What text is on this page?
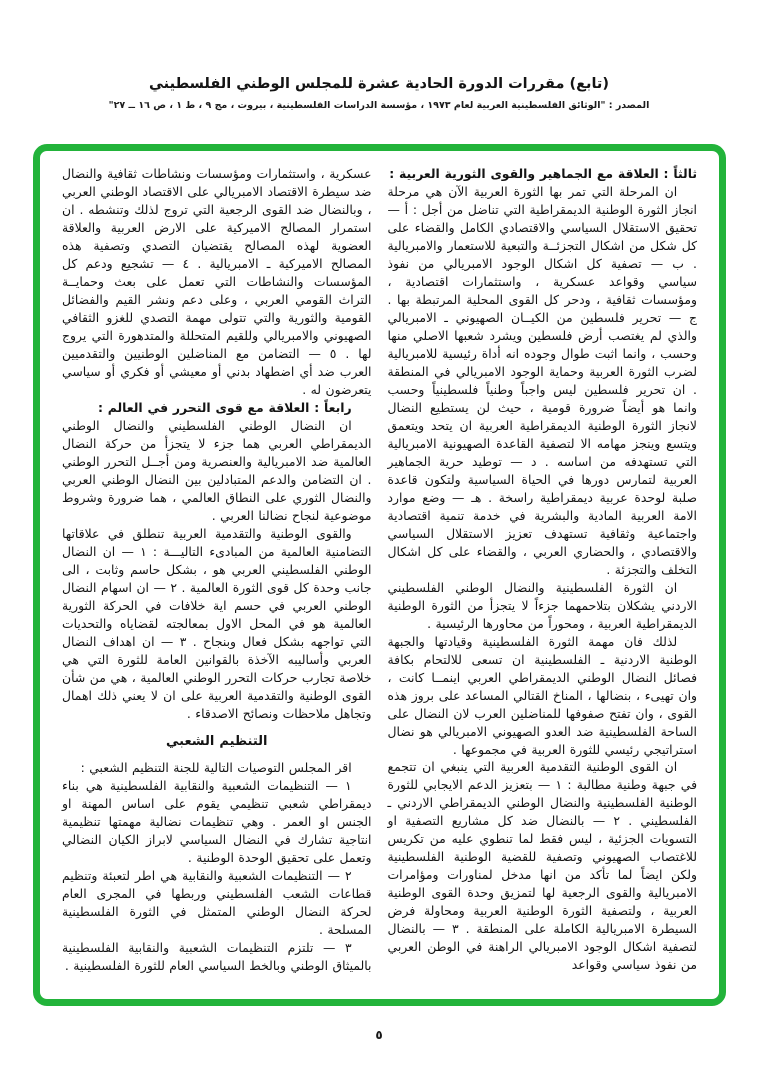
(تابع) مقررات الدورة الحادية عشرة للمجلس الوطني الفلسطيني
المصدر : "الوثائق الفلسطينية العربية لعام ١٩٧٣ ، مؤسسة الدراسات الفلسطينية ، بيروت ، مج ٩ ، ط ١ ، ص ١٦ ــ ٢٧"

ثالثاً : العلاقة مع الجماهير والقوى الثورية العربية :

ان المرحلة التي تمر بها الثورة العربية الآن هي مرحلة انجاز الثورة الوطنية الديمقراطية التي تناضل من أجل : أ — تحقيق الاستقلال السياسي والاقتصادي الكامل والقضاء على كل شكل من اشكال التجزئــة والتبعية للاستعمار والامبريالية . ب — تصفية كل اشكال الوجود الامبريالي من نفوذ سياسي وقواعد عسكرية ، واستثمارات اقتصادية ، ومؤسسات ثقافية ، ودحر كل القوى المحلية المرتبطة بها . ج — تحرير فلسطين من الكيــان الصهيوني ـ الامبريالي والذي لم يغتصب أرض فلسطين ويشرد شعبها الاصلي منها وحسب ، وانما اثبت طوال وجوده انه أداة رئيسية للامبريالية لضرب الثورة العربية وحماية الوجود الامبريالي في المنطقة . ان تحرير فلسطين ليس واجباً وطنياً فلسطينياً وحسب وانما هو أيضاً ضرورة قومية ، حيث لن يستطيع النضال لانجاز الثورة الوطنية الديمقراطية العربية ان يتحد ويتعمق ويتسع وينجز مهامه الا لتصفية القاعدة الصهيونية الامبريالية التي تستهدفه من اساسه . د — توطيد حرية الجماهير العربية لتمارس دورها في الحياة السياسية ولتكون قاعدة صلبة لوحدة عربية ديمقراطية راسخة . هـ — وضع موارد الامة العربية المادية والبشرية في خدمة تنمية اقتصادية واجتماعية وثقافية تستهدف تعزيز الاستقلال السياسي والاقتصادي ، والحضاري العربي ، والقضاء على كل اشكال التخلف والتجزئة .

ان الثورة الفلسطينية والنضال الوطني الفلسطيني الاردني يشكلان بتلاحمهما جزءاً لا يتجزأ من الثورة الوطنية الديمقراطية العربية ، ومحوراً من محاورها الرئيسية .

لذلك فان مهمة الثورة الفلسطينية وقيادتها والجبهة الوطنية الاردنية ـ الفلسطينية ان تسعى للالتحام بكافة فصائل النضال الوطني الديمقراطي العربي اينمــا كانت ، وان تهيىء ، بنضالها ، المناخ القتالي المساعد على بروز هذه القوى ، وان تفتح صفوفها للمناضلين العرب لان النضال على الساحة الفلسطينية ضد العدو الصهيوني الامبريالي هو نضال استراتيجي رئيسي للثورة العربية في مجموعها .

ان القوى الوطنية التقدمية العربية التي ينبغي ان تتجمع في جبهة وطنية مطالبة : ١ — بتعزيز الدعم الايجابي للثورة الوطنية الفلسطينية والنضال الوطني الديمقراطي الاردني ـ الفلسطيني . ٢ — بالنضال ضد كل مشاريع التصفية او التسويات الجزئية ، ليس فقط لما تنطوي عليه من تكريس للاغتصاب الصهيوني وتصفية للقضية الوطنية الفلسطينية ولكن ايضاً لما تأكد من انها مدخل لمناورات ومؤامرات الامبريالية والقوى الرجعية لها لتمزيق وحدة القوى الوطنية العربية ، ولتصفية الثورة الوطنية العربية ومحاولة فرض السيطرة الامبريالية الكاملة على المنطقة . ٣ — بالنضال لتصفية اشكال الوجود الامبريالي الراهنة في الوطن العربي من نفوذ سياسي وقواعد

عسكرية ، واستثمارات ومؤسسات ونشاطات ثقافية والنضال ضد سيطرة الاقتصاد الامبريالي على الاقتصاد الوطني العربي ، وبالنضال ضد القوى الرجعية التي تروج لذلك وتنشطه . ان استمرار المصالح الاميركية على الارض العربية والعلاقة العضوية لهذه المصالح يقتضيان التصدي وتصفية هذه المصالح الاميركية ـ الامبريالية . ٤ — تشجيع ودعم كل المؤسسات والنشاطات التي تعمل على بعث وحمايــة التراث القومي العربي ، وعلى دعم ونشر القيم والفضائل القومية والثورية والتي تتولى مهمة التصدي للغزو الثقافي الصهيوني والامبريالي وللقيم المتحللة والمتدهورة التي يروج لها . ٥ — التضامن مع المناضلين الوطنيين والتقدميين العرب ضد أي اضطهاد بدني أو معيشي أو فكري أو سياسي يتعرضون له .

رابعاً : العلاقة مع قوى التحرر في العالم :

ان النضال الوطني الفلسطيني والنضال الوطني الديمقراطي العربي هما جزء لا يتجزأ من حركة النضال العالمية ضد الامبريالية والعنصرية ومن أجــل التحرر الوطني . ان التضامن والدعم المتبادلين بين النضال الوطني العربي والنضال الثوري على النطاق العالمي ، هما ضرورة وشروط موضوعية لنجاح نضالنا العربي .

والقوى الوطنية والتقدمية العربية تنطلق في علاقاتها التضامنية العالمية من المبادىء التاليـــة : ١ — ان النضال الوطني الفلسطيني العربي هو ، بشكل حاسم وثابت ، الى جانب وحدة كل قوى الثورة العالمية . ٢ — ان اسهام النضال الوطني العربي في حسم اية خلافات في الحركة الثورية العالمية هو في المحل الاول بمعالجته لقضاياه والتحديات التي تواجهه بشكل فعال وبنجاح . ٣ — ان اهداف النضال العربي وأساليبه الآخذة بالقوانين العامة للثورة التي هي خلاصة تجارب حركات التحرر الوطني العالمية ، هي من شأن القوى الوطنية والتقدمية العربية على ان لا يعني ذلك اهمال وتجاهل ملاحظات ونصائح الاصدقاء .

التنظيم الشعبي

اقر المجلس التوصيات التالية للجنة التنظيم الشعبي :

١ — التنظيمات الشعبية والنقابية الفلسطينية هي بناء ديمقراطي شعبي تنظيمي يقوم على اساس المهنة او الجنس او العمر . وهي تنظيمات نضالية مهمتها تنظيمية انتاجية تشارك في النضال السياسي لابراز الكيان النضالي وتعمل على تحقيق الوحدة الوطنية .

٢ — التنظيمات الشعبية والنقابية هي اطر لتعبئة وتنظيم قطاعات الشعب الفلسطيني وربطها في المجرى العام لحركة النضال الوطني المتمثل في الثورة الفلسطينية المسلحة .

٣ — تلتزم التنظيمات الشعبية والنقابية الفلسطينية بالميثاق الوطني وبالخط السياسي العام للثورة الفلسطينية .

٥
